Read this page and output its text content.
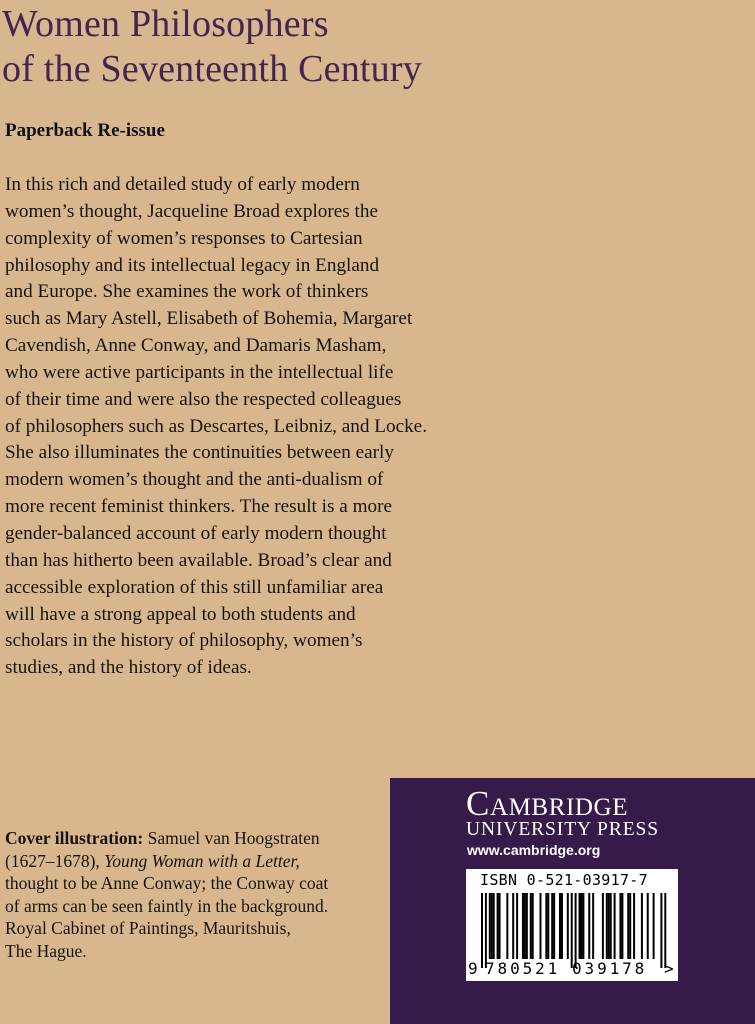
Women Philosophers
of the Seventeenth Century
Paperback Re-issue

In this rich and detailed study of early modern
women’s thought, Jacqueline Broad explores the
complexity of women’s responses to Cartesian
philosophy and its intellectual legacy in England
and Europe. She examines the work of thinkers
such as Mary Astell, Elisabeth of Bohemia, Margaret
Cavendish, Anne Conway, and Damaris Masham,
who were active participants in the intellectual life
of their time and were also the respected colleagues
of philosophers such as Descartes, Leibniz, and Locke.
She also illuminates the continuities between early
modern women’s thought and the anti-dualism of
more recent feminist thinkers. The result is a more
gender-balanced account of early modern thought
than has hitherto been available. Broad’s clear and
accessible exploration of this still unfamiliar area
will have a strong appeal to both students and
scholars in the history of philosophy, women’s
studies, and the history of ideas.

Cover illustration: Samuel van Hoogstraten
(1627–1678), Young Woman with a Letter,
thought to be Anne Conway; the Conway coat
of arms can be seen faintly in the background.
Royal Cabinet of Paintings, Mauritshuis,
The Hague.
Cambridge
UNIVERSITY PRESS
www.cambridge.org
ISBN 0-521-03917-7
9 780521 039178 >
